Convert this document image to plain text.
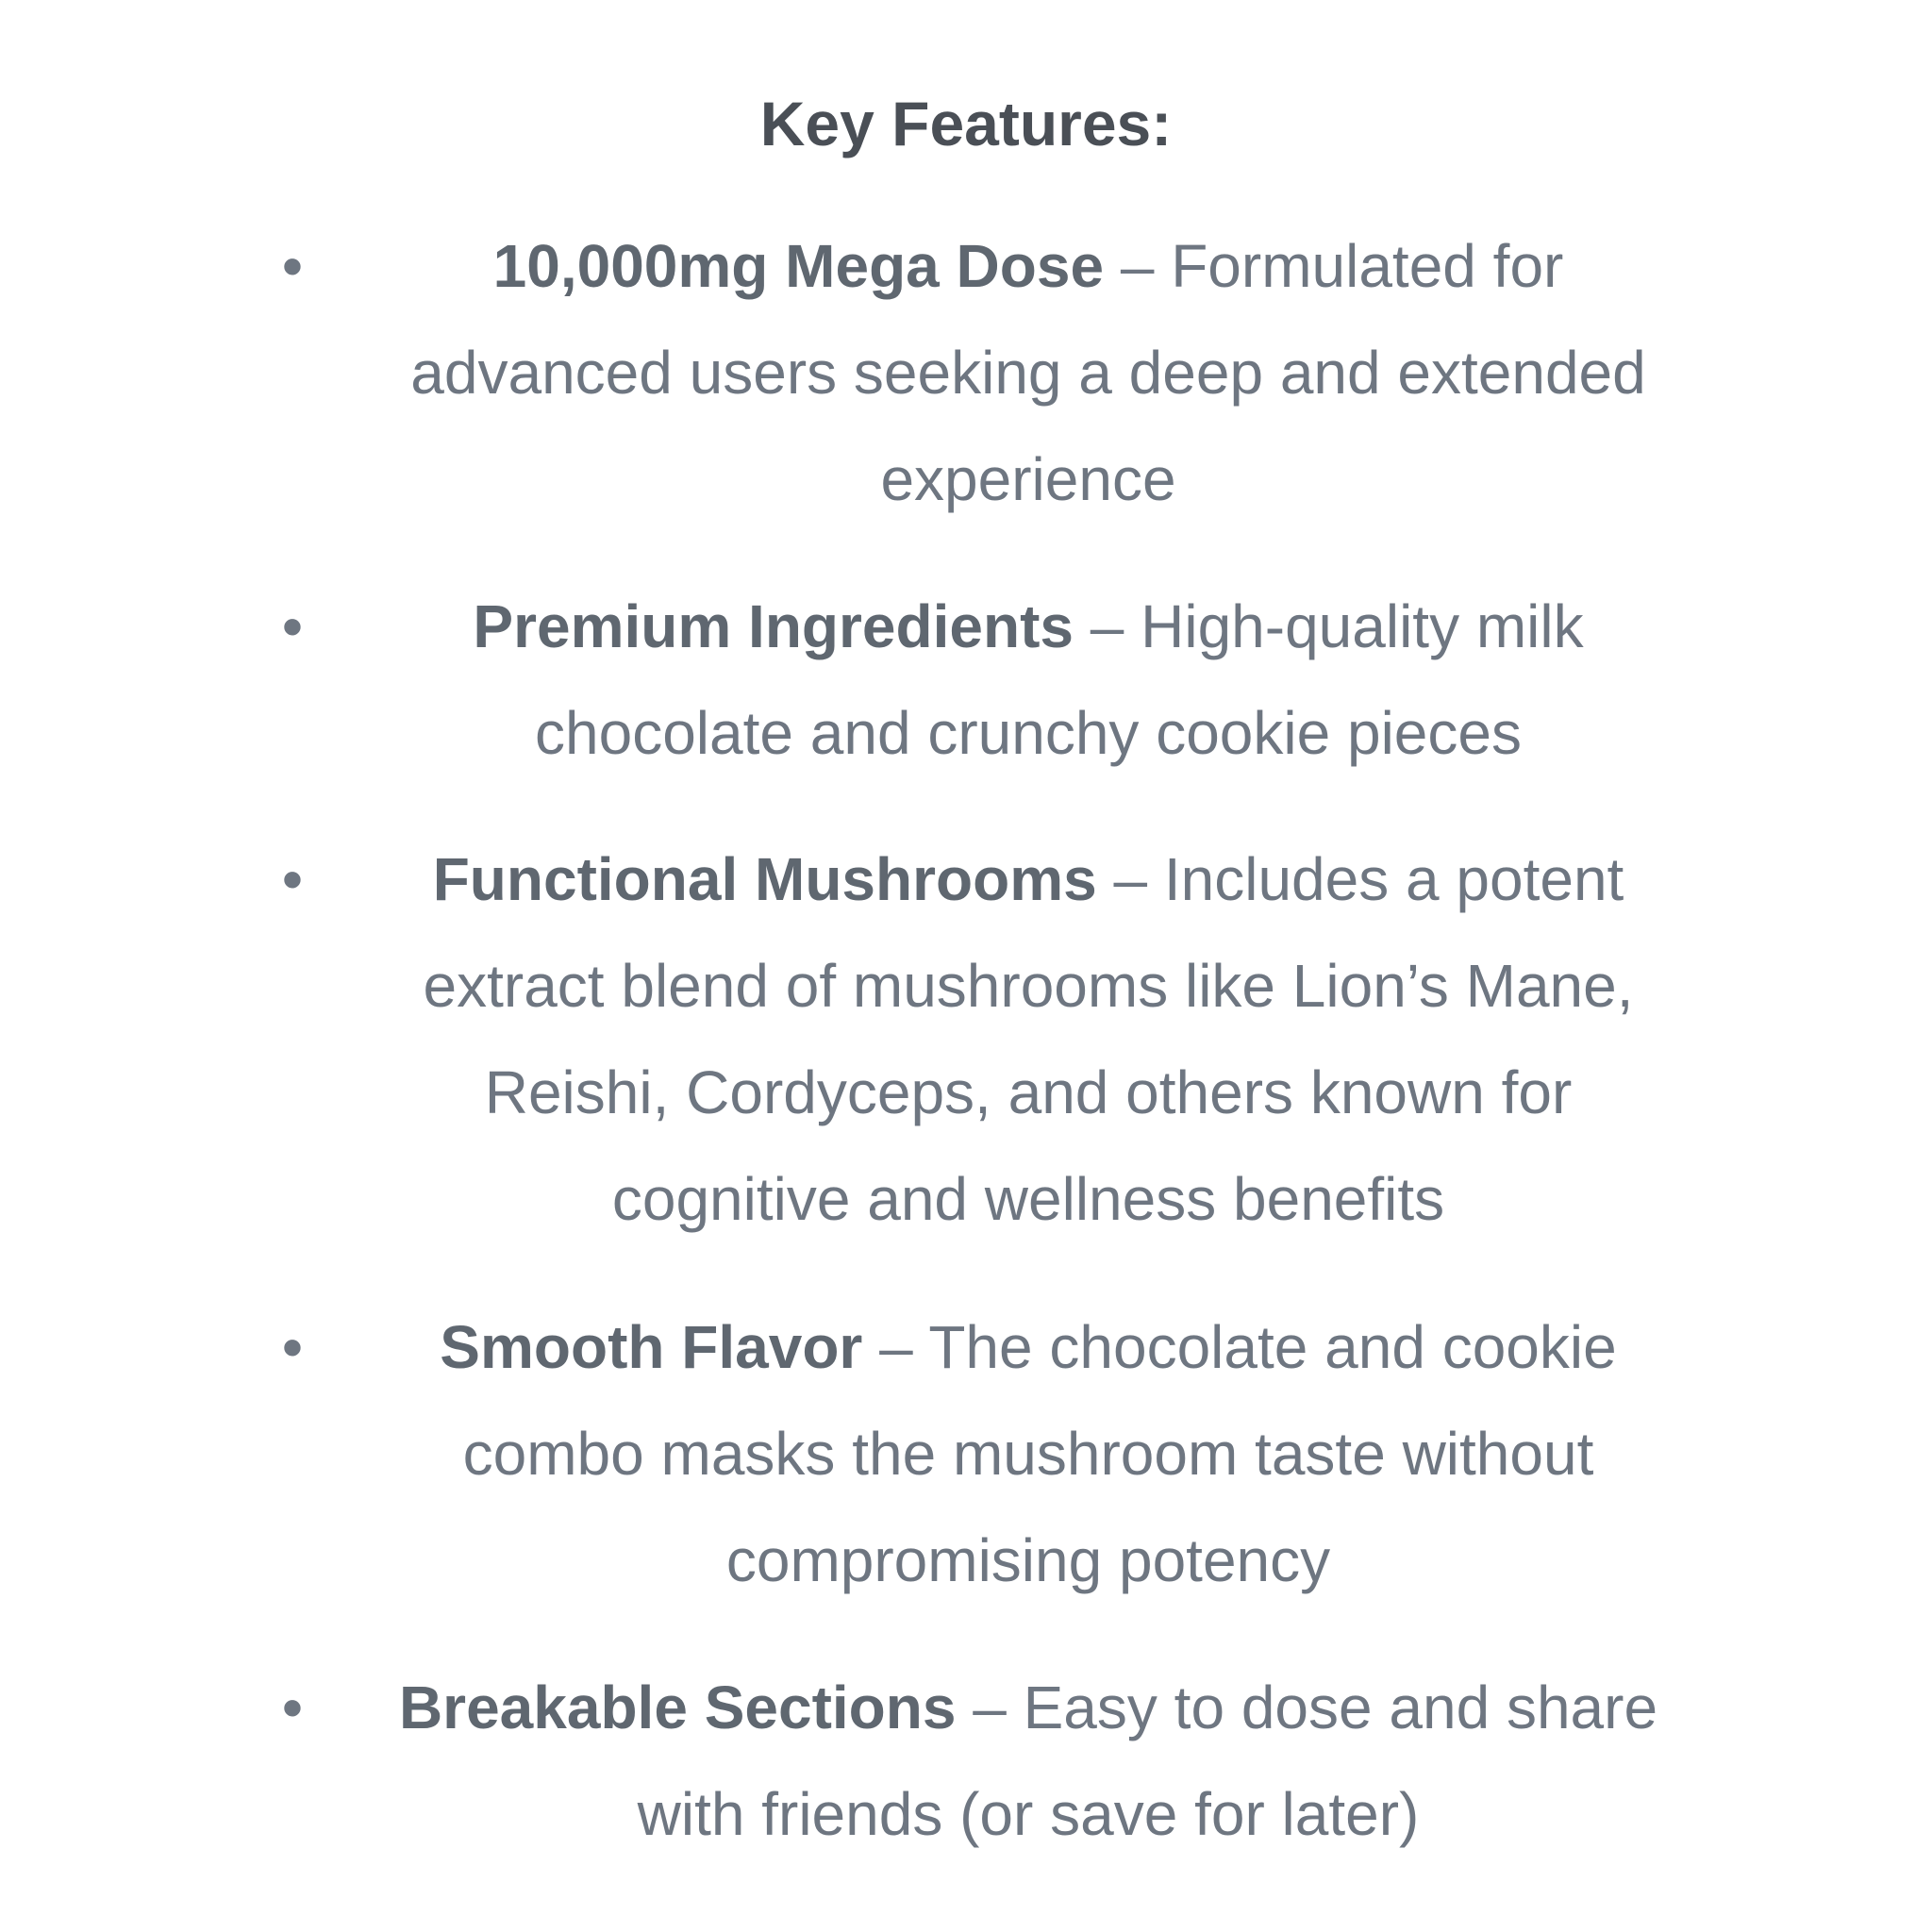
Key Features:
•	10,000mg Mega Dose – Formulated for advanced users seeking a deep and extended experience
•	Premium Ingredients – High-quality milk chocolate and crunchy cookie pieces
• Functional Mushrooms – Includes a potent extract blend of mushrooms like Lion’s Mane, Reishi, Cordyceps, and others known for cognitive and wellness benefits
• Smooth Flavor – The chocolate and cookie combo masks the mushroom taste without compromising potency
• Breakable Sections – Easy to dose and share with friends (or save for later)
